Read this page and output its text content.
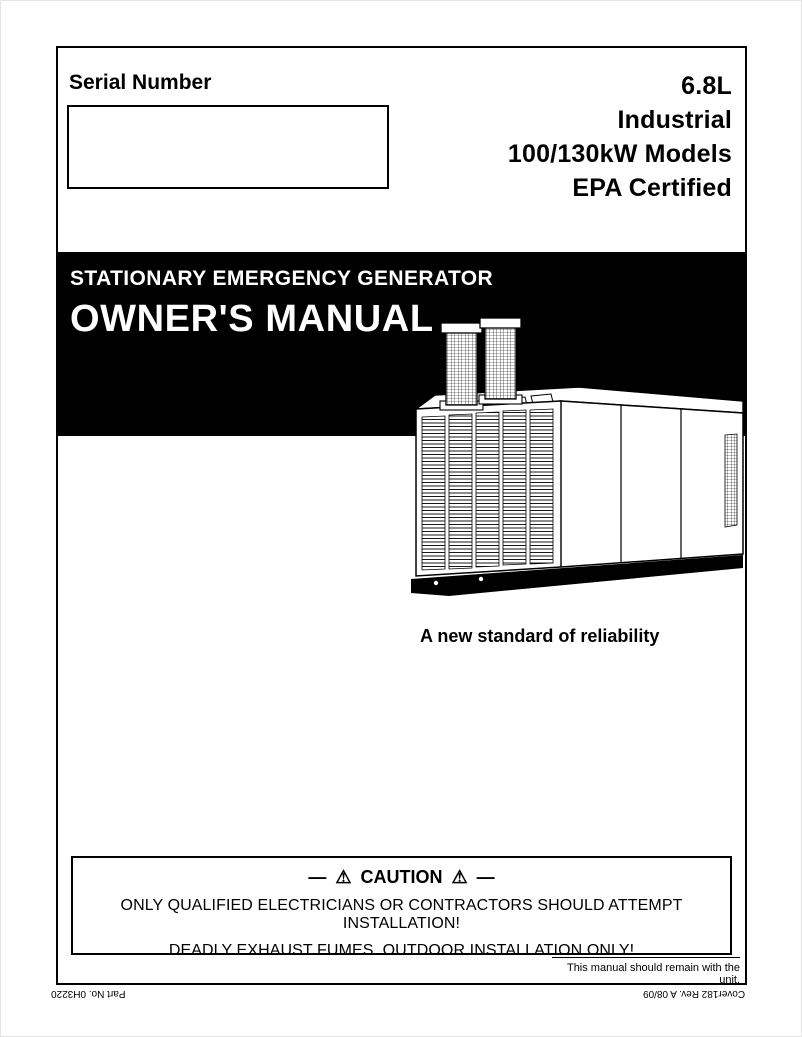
Serial Number	6.8L
Industrial
100/130kW Models
EPA Certified
STATIONARY EMERGENCY GENERATOR
OWNER'S MANUAL
A new standard of reliability
— ⚠ CAUTION ⚠ —
ONLY QUALIFIED ELECTRICIANS OR CONTRACTORS SHOULD ATTEMPT INSTALLATION!
DEADLY EXHAUST FUMES. OUTDOOR INSTALLATION ONLY!
This manual should remain with the unit.
Part No. 0H3220	Cover182 Rev. A 08/09
